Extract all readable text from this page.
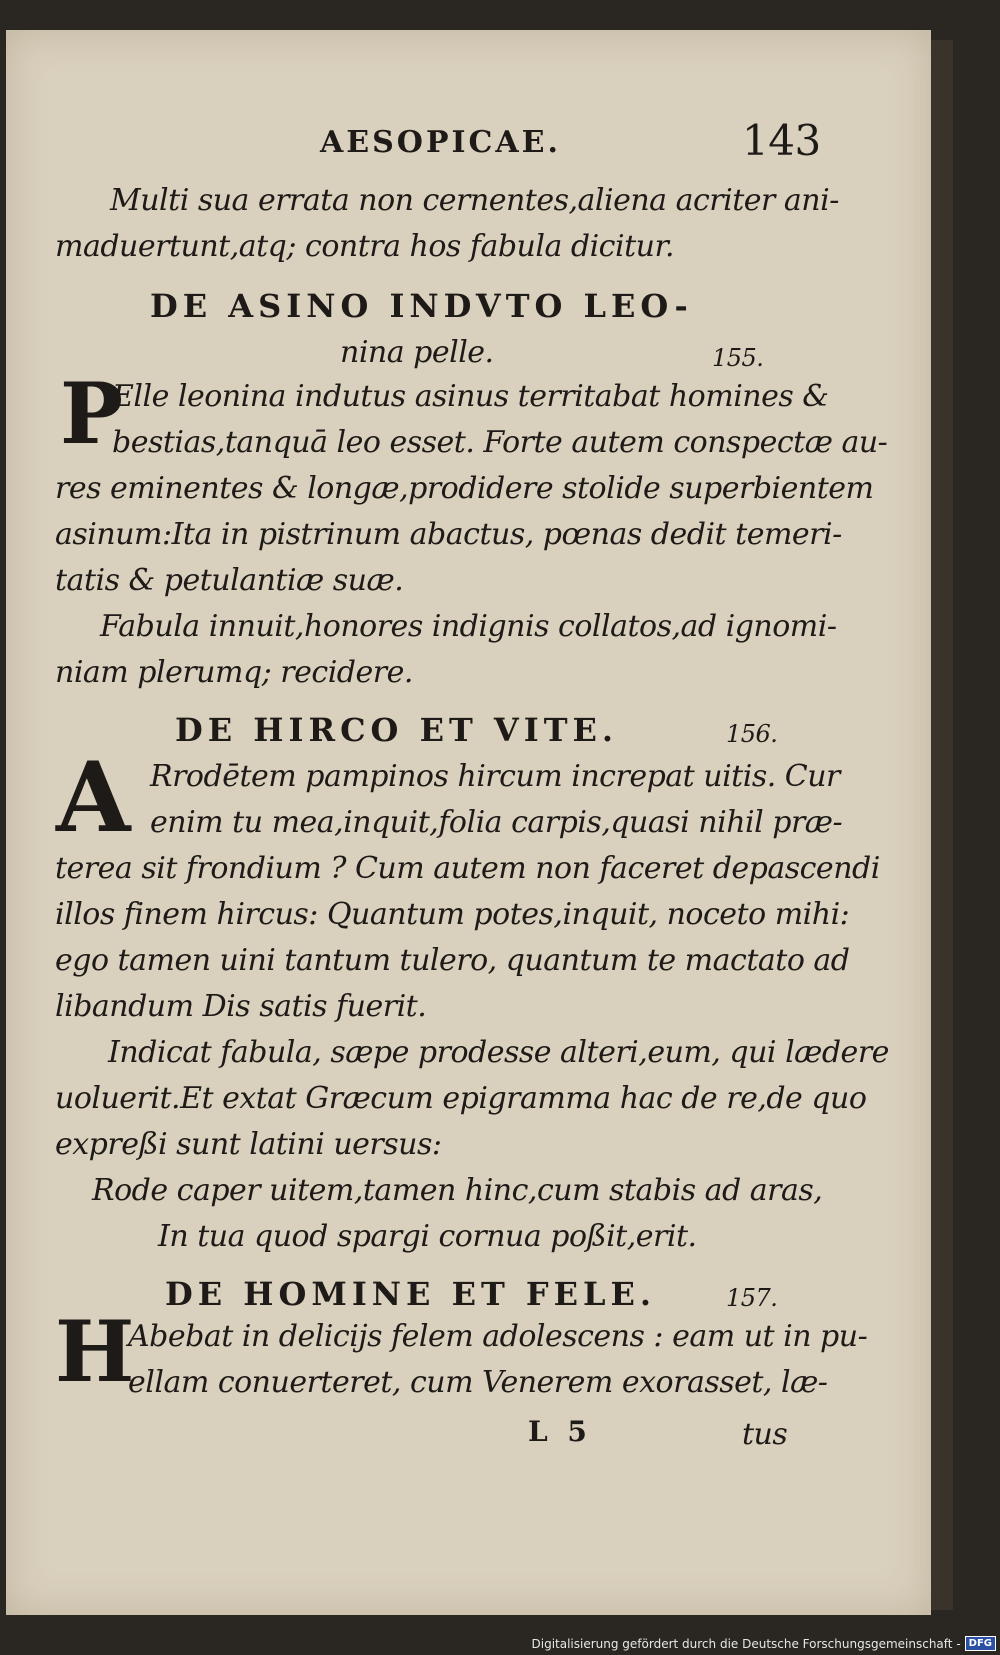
AESOPICAE.	143
Multi sua errata non cernentes,aliena acriter ani-
maduertunt,atq; contra hos fabula dicitur.
DE ASINO INDVTO LEO-
nina pelle.	155.
P
Elle leonina indutus asinus territabat homines &
bestias,tanquā leo esset. Forte autem conspectæ au-
res eminentes & longæ,prodidere stolide superbientem
asinum:Ita in pistrinum abactus, pœnas dedit temeri-
tatis & petulantiæ suæ.
Fabula innuit,honores indignis collatos,ad ignomi-
niam plerumq; recidere.
DE HIRCO ET VITE.	156.
A Rrodētem pampinos hircum increpat uitis. Cur
enim tu mea,inquit,folia carpis,quasi nihil præ-
terea sit frondium ? Cum autem non faceret depascendi
illos finem hircus: Quantum potes,inquit, noceto mihi:
ego tamen uini tantum tulero, quantum te mactato ad
libandum Dis satis fuerit.
Indicat fabula, sæpe prodesse alteri,eum, qui lædere
uoluerit.Et extat Græcum epigramma hac de re,de quo
expreßi sunt latini uersus:
Rode caper uitem,tamen hinc,cum stabis ad aras,
In tua quod spargi cornua poßit,erit.
DE HOMINE ET FELE.	157.
H
Abebat in delicijs felem adolescens : eam ut in pu-
ellam conuerteret, cum Venerem exorasset, læ-
L 5	tus
Digitalisierung gefördert durch die Deutsche Forschungsgemeinschaft - DFG
